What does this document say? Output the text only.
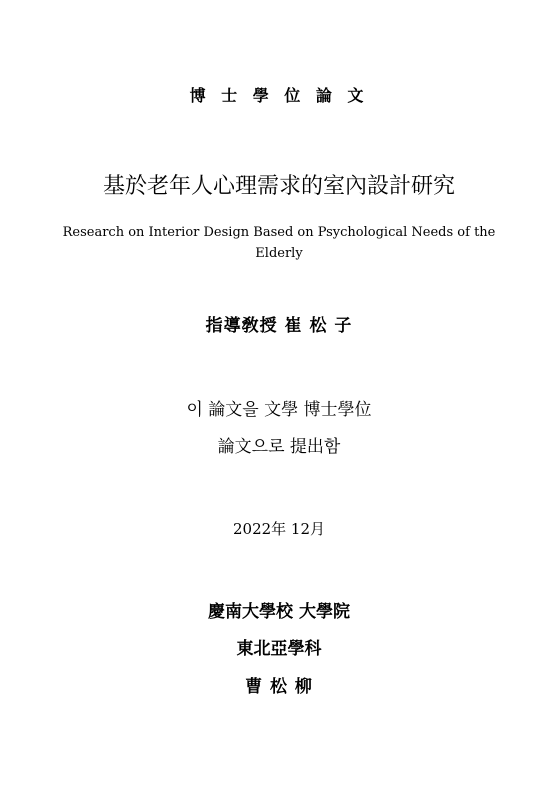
博 士 學 位 論 文
基於老年人心理需求的室內設計研究
Research on Interior Design Based on Psychological Needs of the Elderly
指導敎授 崔 松 子
이 論文을 文學 博士學位
論文으로 提出함
2022年 12月
慶南大學校 大學院
東北亞學科
曹 松 柳
